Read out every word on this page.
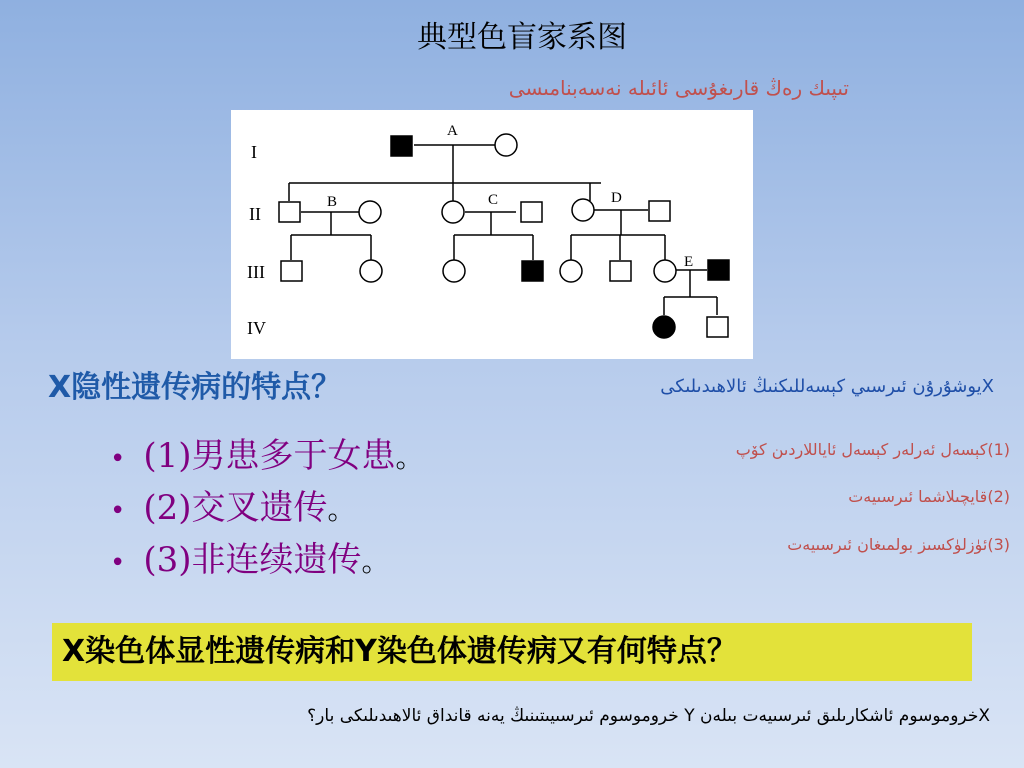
典型色盲家系图
تىپىك رەڭ قارىغۇسى ئائىلە نەسەبنامىسى
I
II
III
IV
A
B	C	D
E
X隐性遗传病的特点？	Xيوشۇرۇن ئىرسىي كېسەللىكنىڭ ئالاھىدىلىكى
• (1)男患多于女患。
• (2)交叉遗传。
• (3)非连续遗传。
(1)كېسەل ئەرلەر كېسەل ئاياللاردىن كۆپ
(2)قايچىلاشما ئىرسىيەت
(3)ئۈزلۈكسىز بولمىغان ئىرسىيەت
X染色体显性遗传病和Y染色体遗传病又有何特点？
Xخروموسوم ئاشكارىلىق ئىرسىيەت بىلەن Y خروموسوم ئىرسىيىتىنىڭ يەنە قانداق ئالاھىدىلىكى بار؟
